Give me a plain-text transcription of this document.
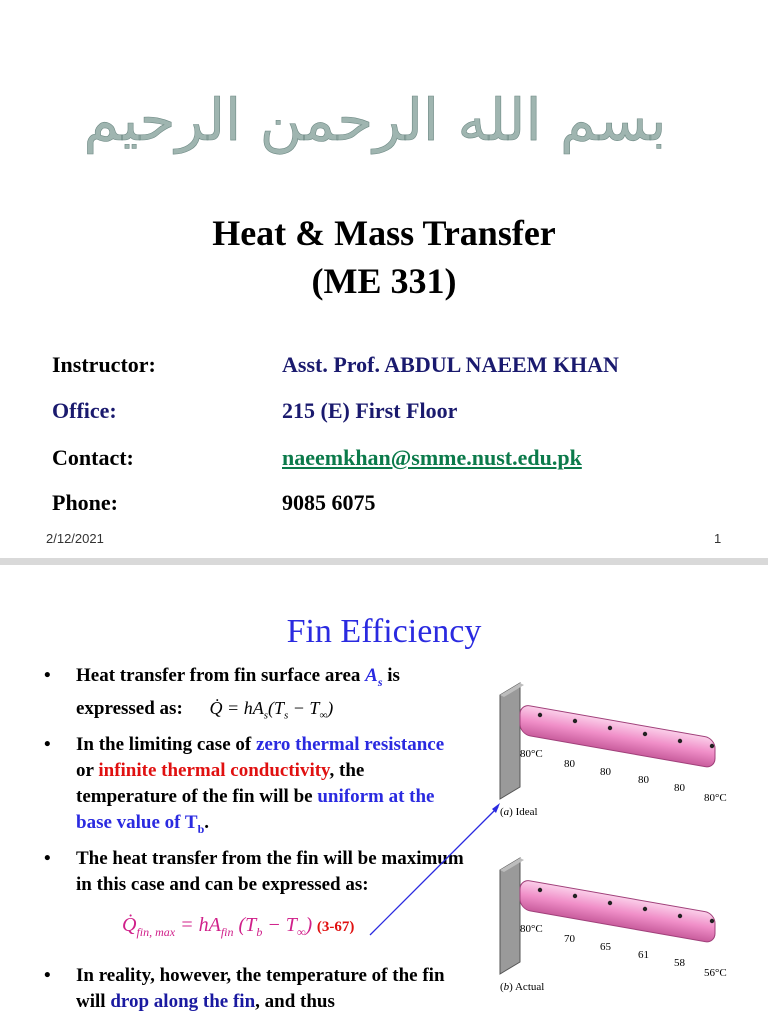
بسم الله الرحمن الرحیم
Heat & Mass Transfer
(ME 331)
Instructor:	Asst. Prof. ABDUL NAEEM KHAN
Office:	215 (E) First Floor
Contact:	naeemkhan@smme.nust.edu.pk
Phone:	9085 6075
2/12/2021	1
Fin Efficiency
• Heat transfer from fin surface area $A_s$ is
expressed as: Q̇ = $hA_s(T_s - T_\infty)$
• In the limiting case of zero thermal resistance or infinite thermal conductivity, the temperature of the fin will be uniform at the base value of $T_b$.
• The heat transfer from the fin will be maximum in this case and can be expressed as:
$Q̇_{fin, max} = hA_{fin}$ $(T_b - T_\infty)$ (3-67)
• In reality, however, the temperature of the fin will drop along the fin, and thus
80°C
80
80
80
80
80°C
(a) Ideal
80°C
70
65
61
58
56°C
(b) Actual
